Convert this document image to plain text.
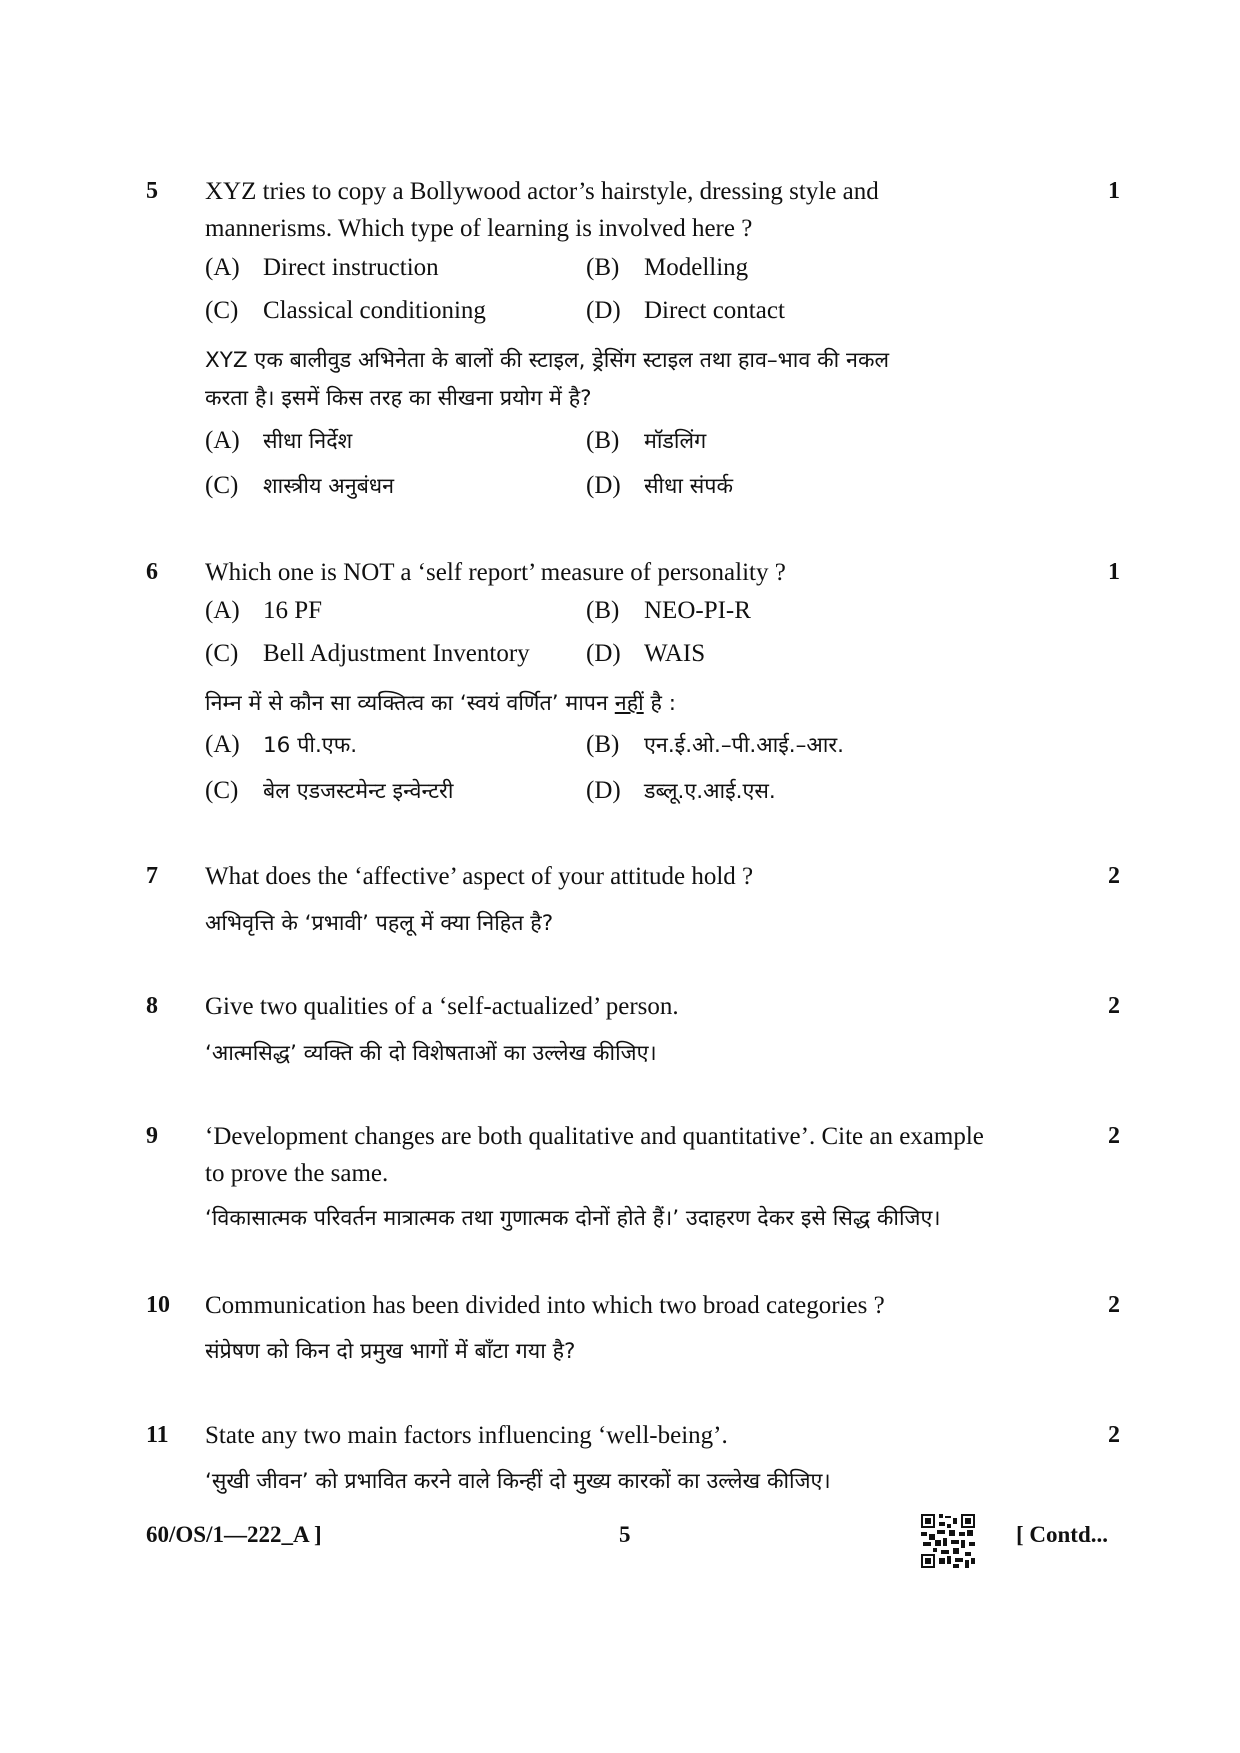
5	1
XYZ tries to copy a Bollywood actor’s hairstyle, dressing style and
mannerisms. Which type of learning is involved here ?
(A) Direct instruction	(B) Modelling
(C) Classical conditioning	(D) Direct contact
XYZ एक बालीवुड अभिनेता के बालों की स्टाइल, ड्रेसिंग स्टाइल तथा हाव–भाव की नकल
करता है। इसमें किस तरह का सीखना प्रयोग में है?
(A) सीधा निर्देश	(B) मॉडलिंग
(C) शास्त्रीय अनुबंधन	(D) सीधा संपर्क
6	1
Which one is NOT a ‘self report’ measure of personality ?
(A) 16 PF	(B) NEO-PI-R
(C) Bell Adjustment Inventory (D) WAIS
निम्न में से कौन सा व्यक्तित्व का ‘स्वयं वर्णित’ मापन नहीं है :
(A) 16 पी.एफ.	(B) एन.ई.ओ.–पी.आई.–आर.
(C) बेल एडजस्टमेन्ट इन्वेन्टरी	(D) डब्लू.ए.आई.एस.
7	2
What does the ‘affective’ aspect of your attitude hold ?
अभिवृत्ति के ‘प्रभावी’ पहलू में क्या निहित है?
8	2
Give two qualities of a ‘self-actualized’ person.
‘आत्मसिद्ध’ व्यक्ति की दो विशेषताओं का उल्लेख कीजिए।
9	2
‘Development changes are both qualitative and quantitative’. Cite an example
to prove the same.
‘विकासात्मक परिवर्तन मात्रात्मक तथा गुणात्मक दोनों होते हैं।’ उदाहरण देकर इसे सिद्ध कीजिए।
10	2
Communication has been divided into which two broad categories ?
संप्रेषण को किन दो प्रमुख भागों में बाँटा गया है?
11	2
State any two main factors influencing ‘well-being’.
‘सुखी जीवन’ को प्रभावित करने वाले किन्हीं दो मुख्य कारकों का उल्लेख कीजिए।
60/OS/1—222_A ]	5	[ Contd...
